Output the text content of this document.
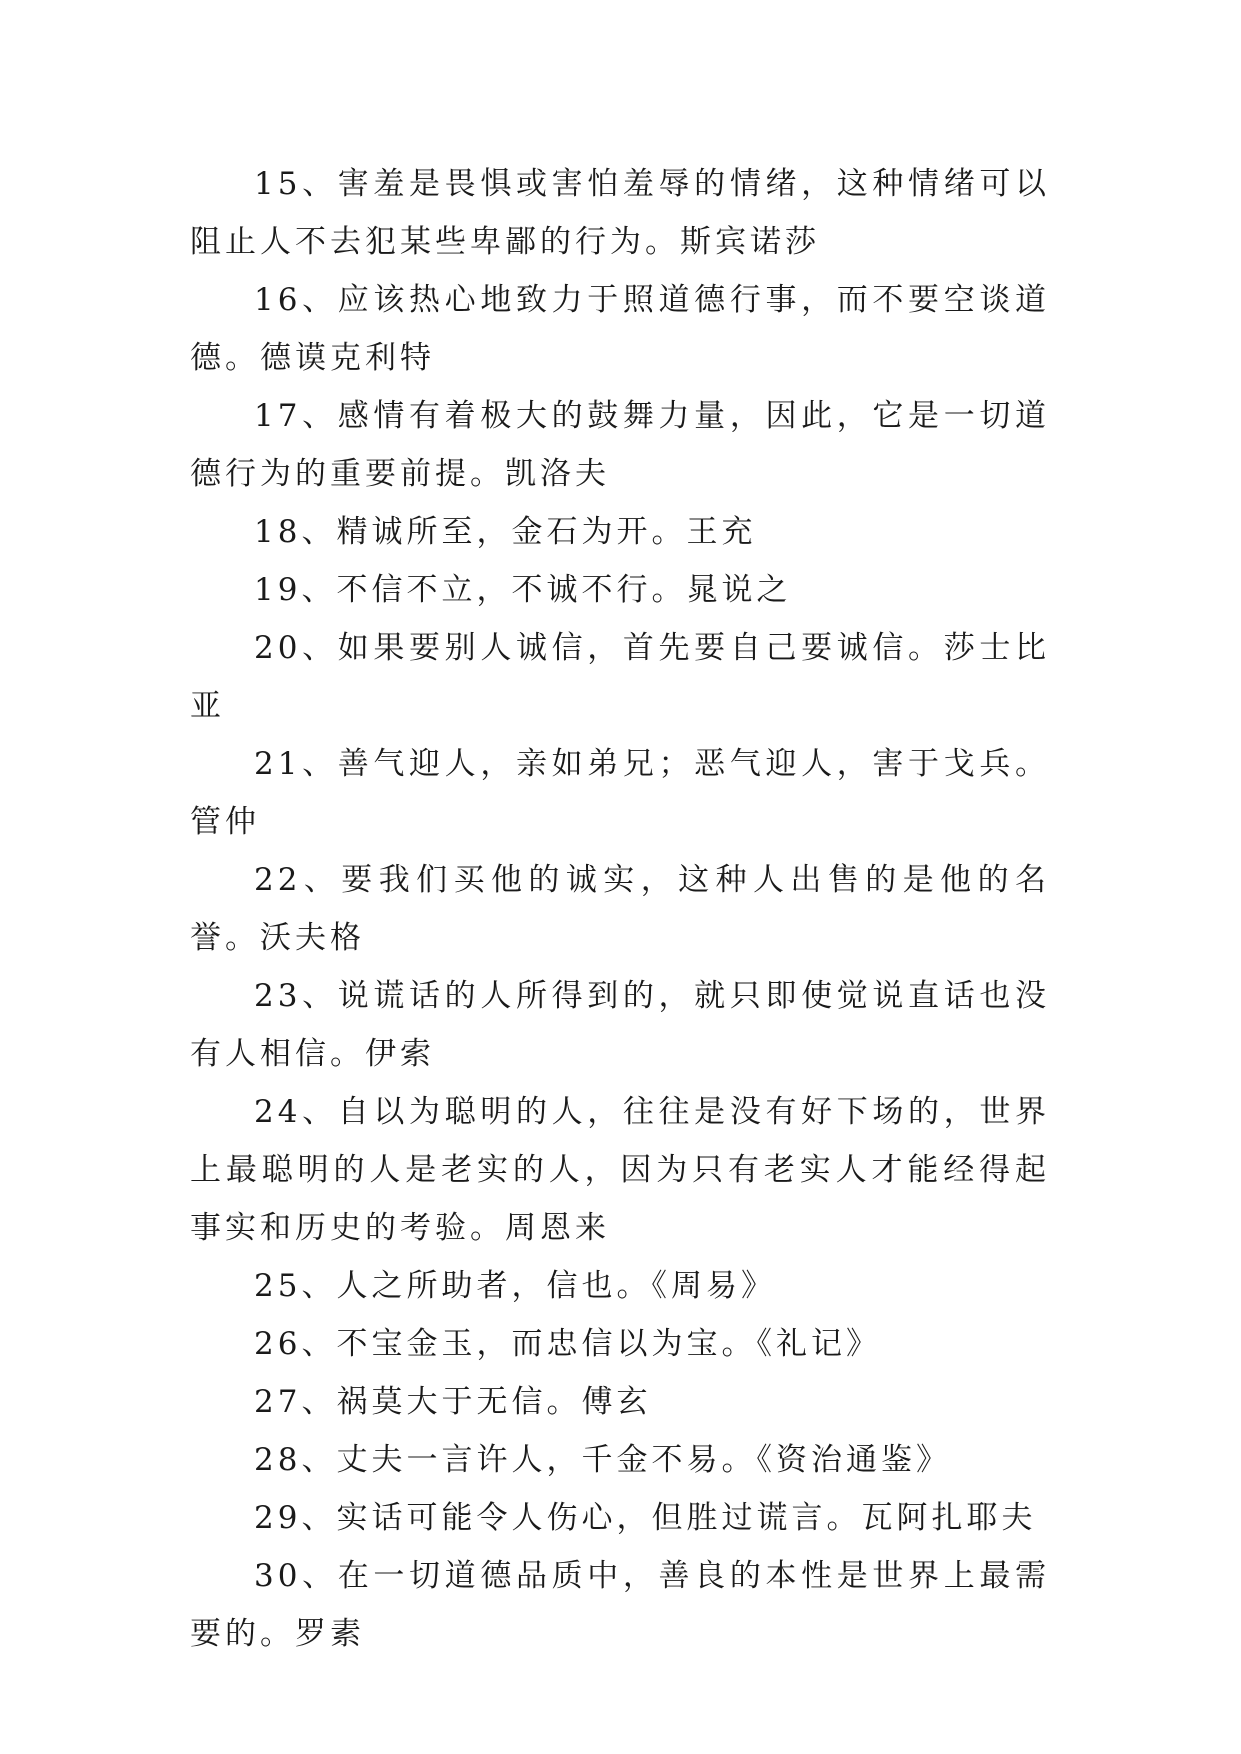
15、害羞是畏惧或害怕羞辱的情绪，这种情绪可以阻止人不去犯某些卑鄙的行为。斯宾诺莎

16、应该热心地致力于照道德行事，而不要空谈道德。德谟克利特

17、感情有着极大的鼓舞力量，因此，它是一切道德行为的重要前提。凯洛夫

18、精诚所至，金石为开。王充

19、不信不立，不诚不行。晁说之

20、如果要别人诚信，首先要自己要诚信。莎士比亚

21、善气迎人，亲如弟兄；恶气迎人，害于戈兵。管仲

22、要我们买他的诚实，这种人出售的是他的名誉。沃夫格

23、说谎话的人所得到的，就只即使觉说直话也没有人相信。伊索

24、自以为聪明的人，往往是没有好下场的，世界上最聪明的人是老实的人，因为只有老实人才能经得起事实和历史的考验。周恩来

25、人之所助者，信也。《周易》

26、不宝金玉，而忠信以为宝。《礼记》

27、祸莫大于无信。傅玄

28、丈夫一言许人，千金不易。《资治通鉴》

29、实话可能令人伤心，但胜过谎言。瓦阿扎耶夫

30、在一切道德品质中，善良的本性是世界上最需要的。罗素
